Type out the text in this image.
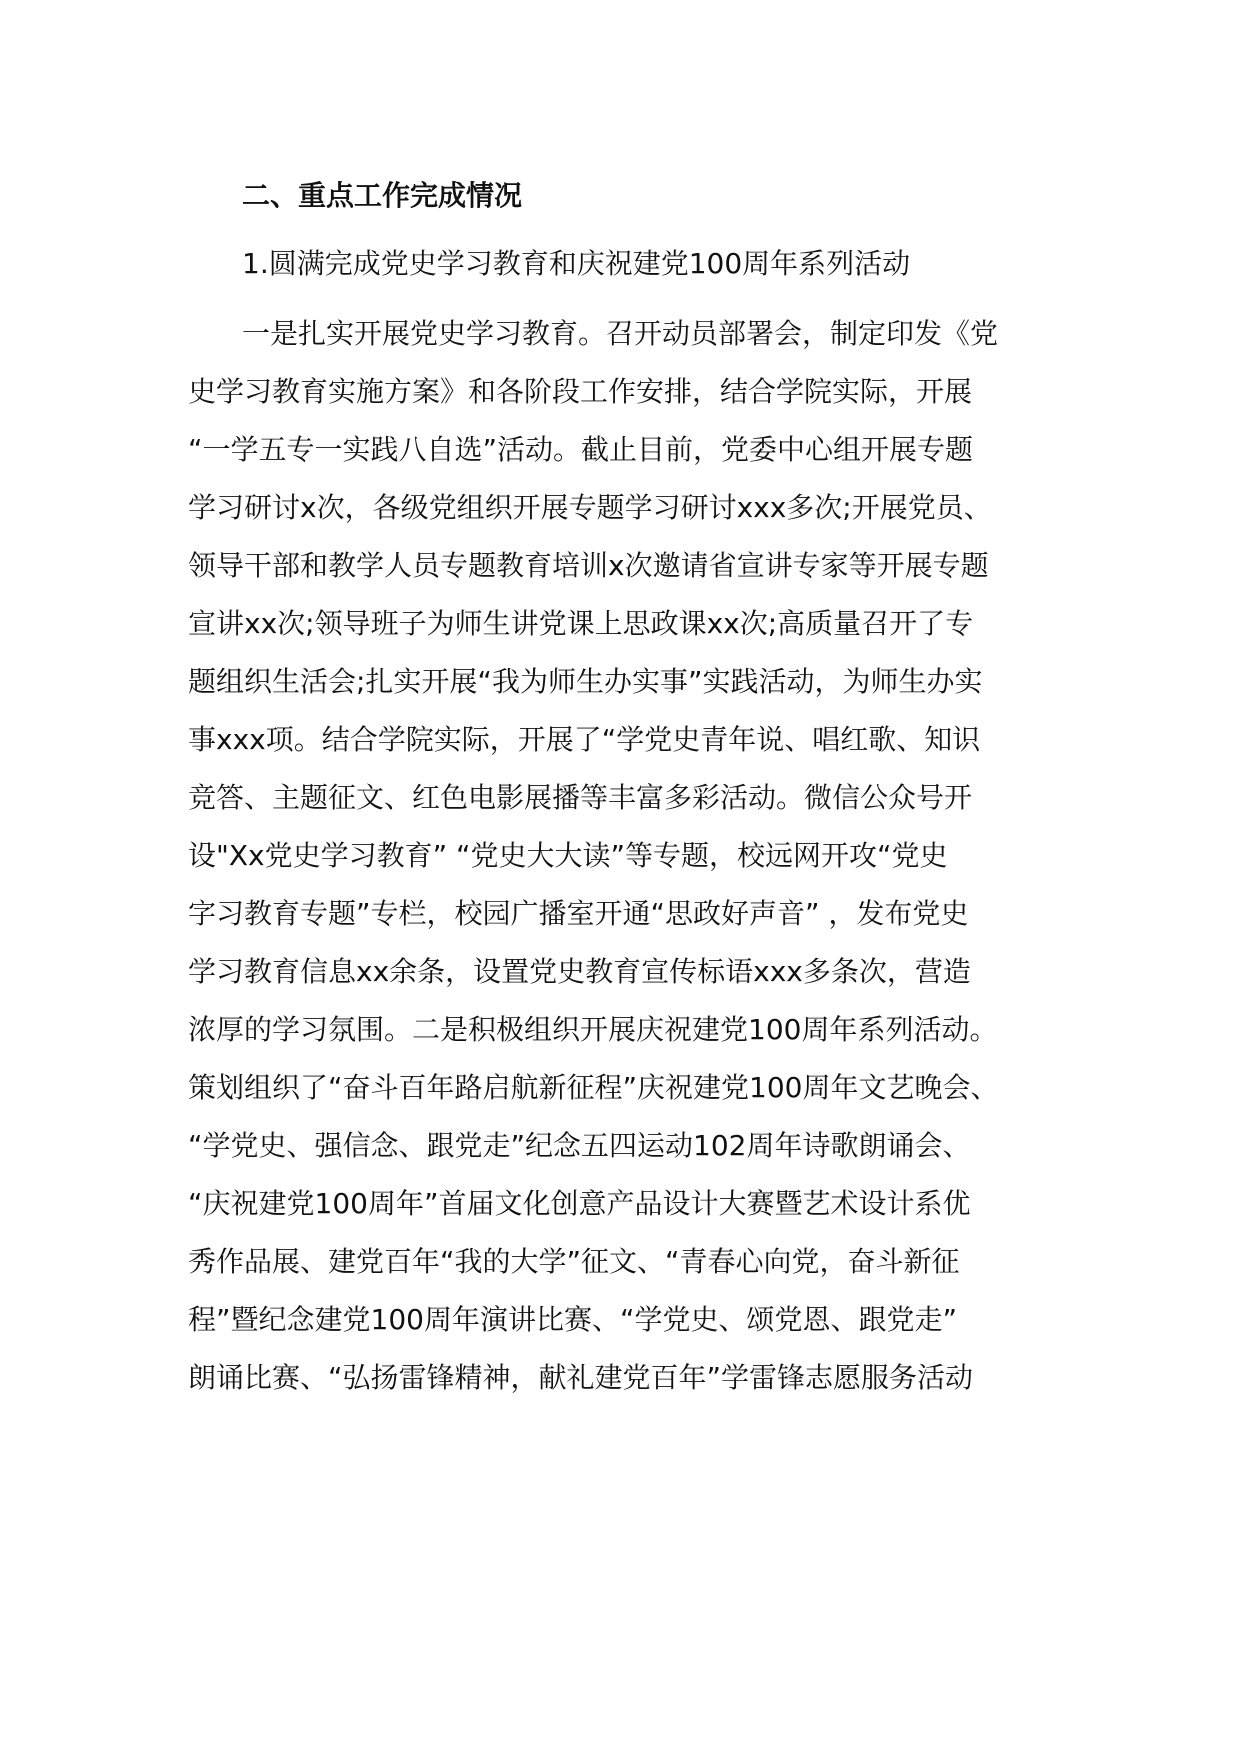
二、重点工作完成情况
1.圆满完成党史学习教育和庆祝建党100周年系列活动
一是扎实开展党史学习教育。召开动员部署会，制定印发《党
史学习教育实施方案》和各阶段工作安排，结合学院实际，开展
“一学五专一实践八自选”活动。截止目前，党委中心组开展专题
学习研讨x次，各级党组织开展专题学习研讨xxx多次;开展党员、
领导干部和教学人员专题教育培训x次邀请省宣讲专家等开展专题
宣讲xx次;领导班子为师生讲党课上思政课xx次;高质量召开了专
题组织生活会;扎实开展“我为师生办实事”实践活动，为师生办实
事xxx项。结合学院实际，开展了“学党史青年说、唱红歌、知识
竞答、主题征文、红色电影展播等丰富多彩活动。微信公众号开
设"Xx党史学习教育” “党史大大读”等专题，校远网开攻“党史
字习教育专题”专栏，校园广播室开通“思政好声音” ，发布党史
学习教育信息xx余条，设置党史教育宣传标语xxx多条次，营造
浓厚的学习氛围。二是积极组织开展庆祝建党100周年系列活动。
策划组织了“奋斗百年路启航新征程”庆祝建党100周年文艺晚会、
“学党史、强信念、跟党走”纪念五四运动102周年诗歌朗诵会、
“庆祝建党100周年”首届文化创意产品设计大赛暨艺术设计系优
秀作品展、建党百年“我的大学”征文、“青春心向党，奋斗新征
程”暨纪念建党100周年演讲比赛、“学党史、颂党恩、跟党走”
朗诵比赛、“弘扬雷锋精神，献礼建党百年”学雷锋志愿服务活动
